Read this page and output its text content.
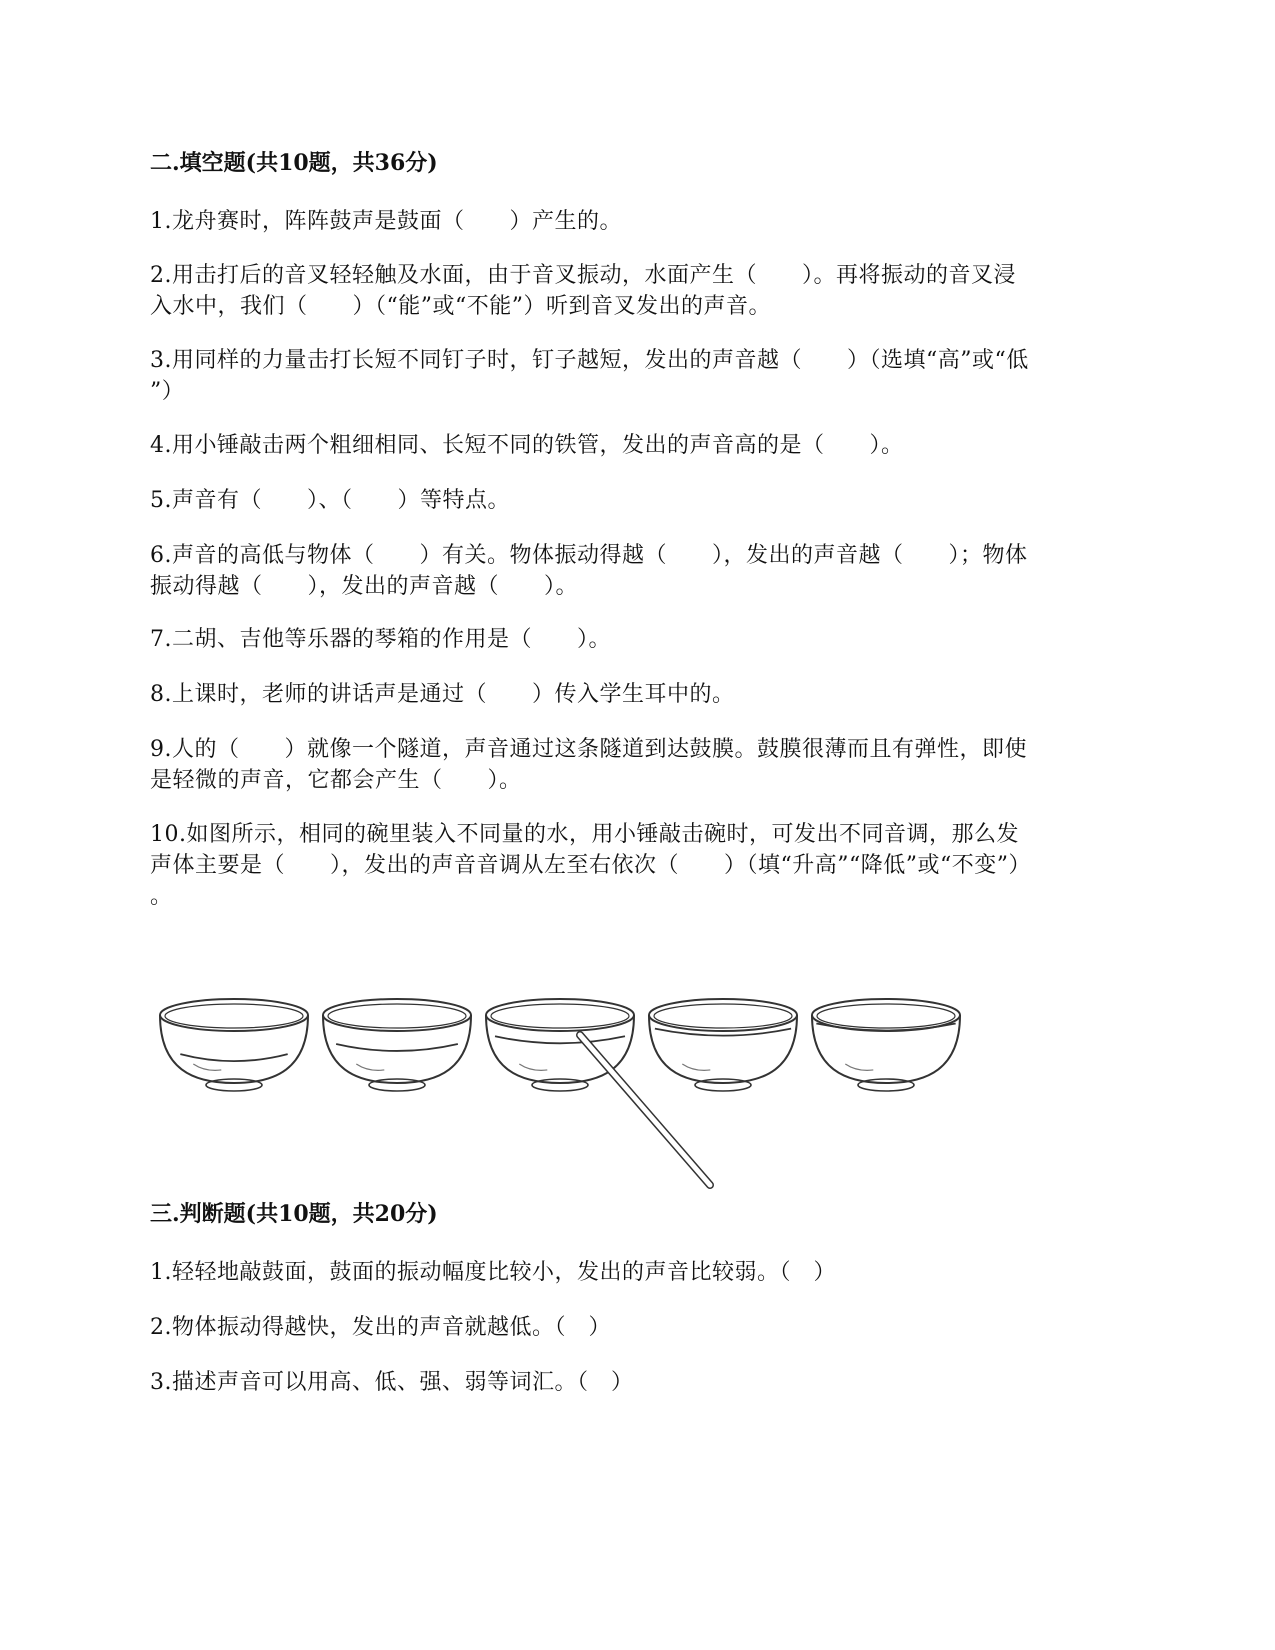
二.填空题(共10题，共36分)
1.龙舟赛时，阵阵鼓声是鼓面（　　）产生的。
2.用击打后的音叉轻轻触及水面，由于音叉振动，水面产生（　　）。再将振动的音叉浸
入水中，我们（　　）（“能”或“不能”）听到音叉发出的声音。
3.用同样的力量击打长短不同钉子时，钉子越短，发出的声音越（　　）（选填“高”或“低
”）
4.用小锤敲击两个粗细相同、长短不同的铁管，发出的声音高的是（　　）。
5.声音有（　　）、（　　）等特点。
6.声音的高低与物体（　　）有关。物体振动得越（　　），发出的声音越（　　）；物体
振动得越（　　），发出的声音越（　　）。
7.二胡、吉他等乐器的琴箱的作用是（　　）。
8.上课时，老师的讲话声是通过（　　）传入学生耳中的。
9.人的（　　）就像一个隧道，声音通过这条隧道到达鼓膜。鼓膜很薄而且有弹性，即使
是轻微的声音，它都会产生（　　）。
10.如图所示，相同的碗里装入不同量的水，用小锤敲击碗时，可发出不同音调，那么发
声体主要是（　　），发出的声音音调从左至右依次（　　）（填“升高”“降低”或“不变”）
。
三.判断题(共10题，共20分)
1.轻轻地敲鼓面，鼓面的振动幅度比较小，发出的声音比较弱。（　）
2.物体振动得越快，发出的声音就越低。（　）
3.描述声音可以用高、低、强、弱等词汇。（　）
